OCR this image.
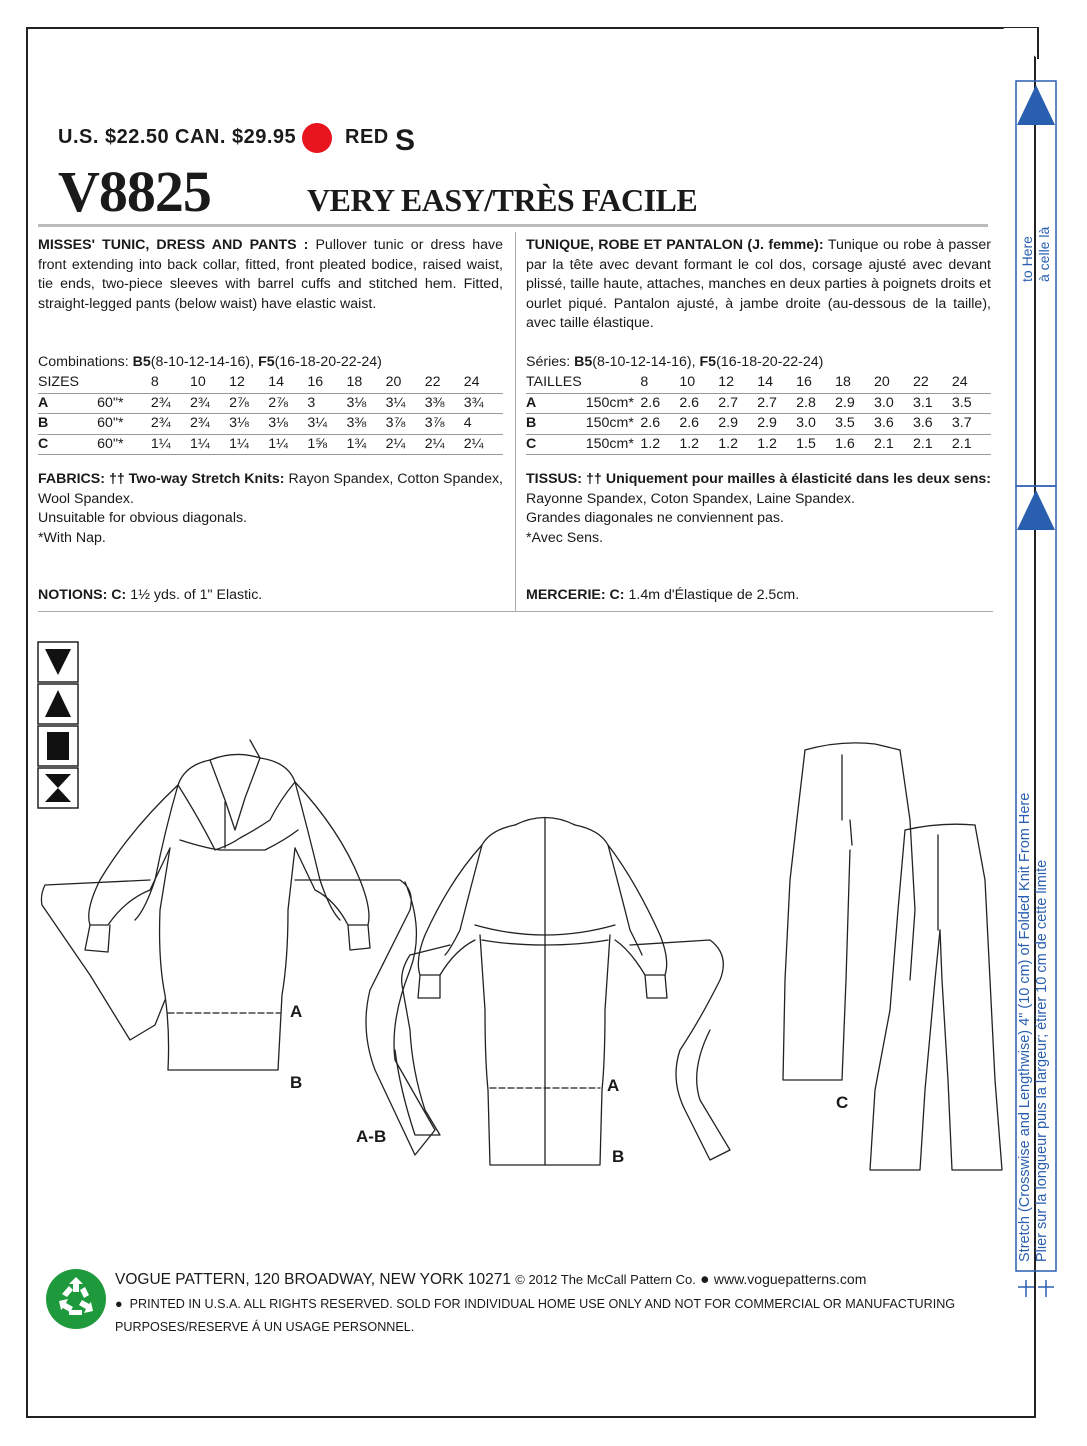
U.S. $22.50 CAN. $29.95 RED S
V8825	VERY EASY/TRÈS FACILE
MISSES' TUNIC, DRESS AND PANTS : Pullover tunic or dress have front extending into back collar, fitted, front pleated bodice, raised waist, tie ends, two-piece sleeves with barrel cuffs and stitched hem. Fitted, straight-legged pants (below waist) have elastic waist.
Combinations: B5(8-10-12-14-16), F5(16-18-20-22-24)
SIZES		8	10	12	14	16	18	20	22	24
A	60"*	2¾	2¾	2⅞	2⅞	3	3⅛	3¼	3⅜	3¾
B	60"*	2¾	2¾	3⅛	3⅛	3¼	3⅜	3⅞	3⅞	4
C	60"*	1¼	1¼	1¼	1¼	1⅝	1¾	2¼	2¼	2¼
FABRICS: †† Two-way Stretch Knits: Rayon Spandex, Cotton Spandex, Wool Spandex.
Unsuitable for obvious diagonals.
*With Nap.
NOTIONS: C: 1½ yds. of 1" Elastic.
TUNIQUE, ROBE ET PANTALON (J. femme): Tunique ou robe à passer par la tête avec devant formant le col dos, corsage ajusté avec devant plissé, taille haute, attaches, manches en deux parties à poignets droits et ourlet piqué. Pantalon ajusté, à jambe droite (au-dessous de la taille), avec taille élastique.
Séries: B5(8-10-12-14-16), F5(16-18-20-22-24)
TAILLES		8	10	12	14	16	18	20	22	24
A	150cm*	2.6	2.6	2.7	2.7	2.8	2.9	3.0	3.1	3.5
B	150cm*	2.6	2.6	2.9	2.9	3.0	3.5	3.6	3.6	3.7
C	150cm*	1.2	1.2	1.2	1.2	1.5	1.6	2.1	2.1	2.1
TISSUS: †† Uniquement pour mailles à élasticité dans les deux sens: Rayonne Spandex, Coton Spandex, Laine Spandex.
Grandes diagonales ne conviennent pas.
*Avec Sens.
MERCERIE: C: 1.4m d'Élastique de 2.5cm.
A
B
A-B
A
B
C
to Here à celle là
Stretch (Crosswise and Lengthwise) 4" (10 cm) of Folded Knit From Here Plier sur la longueur puis la largeur; étirer 10 cm de cette limite
VOGUE PATTERN, 120 BROADWAY, NEW YORK 10271 © 2012 The McCall Pattern Co. ● www.voguepatterns.com
● PRINTED IN U.S.A. ALL RIGHTS RESERVED. SOLD FOR INDIVIDUAL HOME USE ONLY AND NOT FOR COMMERCIAL OR MANUFACTURING
PURPOSES/RESERVE Á UN USAGE PERSONNEL.
